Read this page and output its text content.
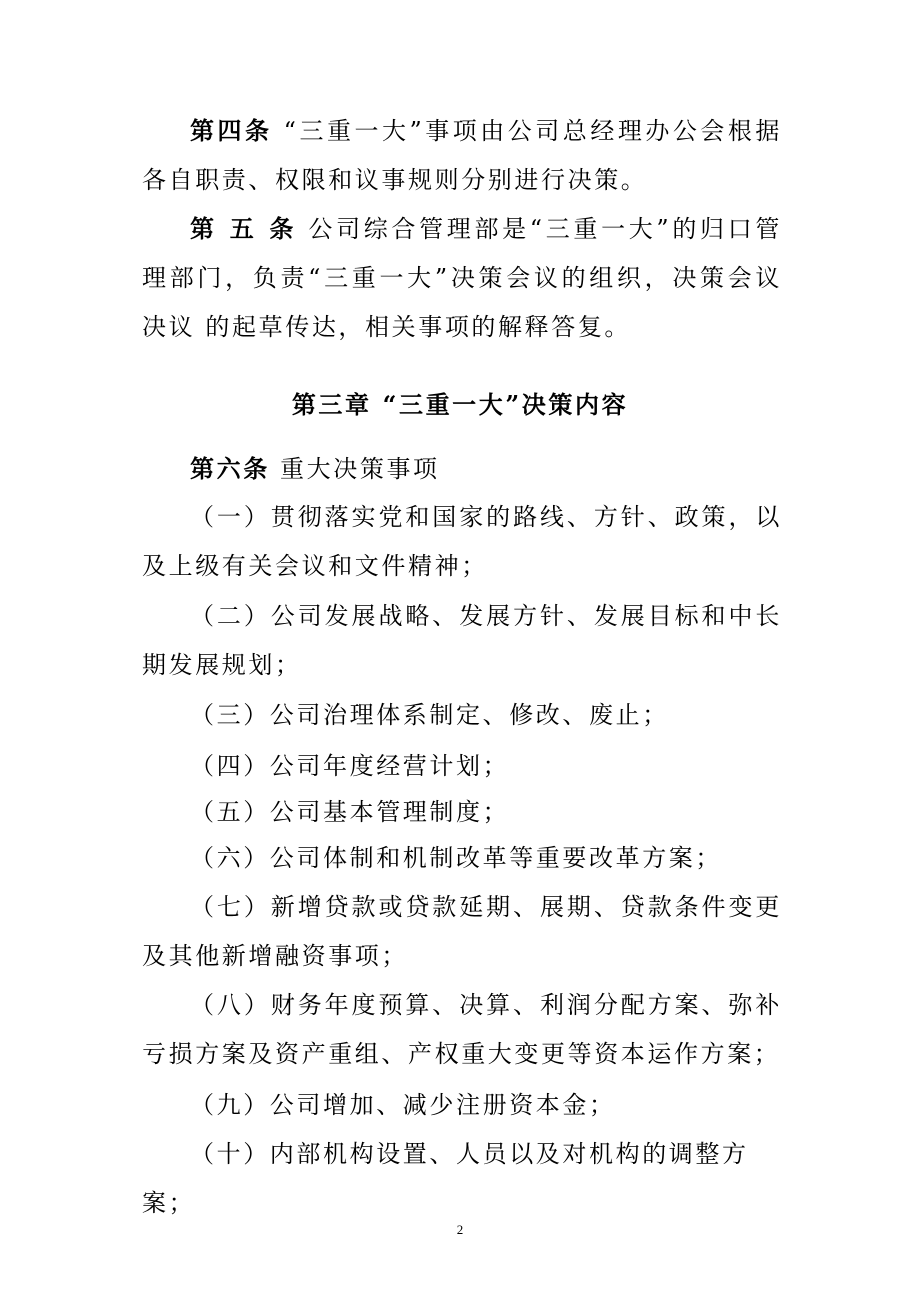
第四条 “三重一大”事项由公司总经理办公会根据各自职责、权限和议事规则分别进行决策。
第 五 条 公司综合管理部是“三重一大”的归口管理部门，负责“三重一大”决策会议的组织，决策会议决议 的起草传达，相关事项的解释答复。
第三章 “三重一大”决策内容
第六条 重大决策事项
（一）贯彻落实党和国家的路线、方针、政策，以及上级有关会议和文件精神；
（二）公司发展战略、发展方针、发展目标和中长 期发展规划；
（三）公司治理体系制定、修改、废止；
（四）公司年度经营计划；
（五）公司基本管理制度；
（六）公司体制和机制改革等重要改革方案；
（七）新增贷款或贷款延期、展期、贷款条件变更及其他新增融资事项；
（八）财务年度预算、决算、利润分配方案、弥补亏损方案及资产重组、产权重大变更等资本运作方案；
（九）公司增加、减少注册资本金；
（十）内部机构设置、人员以及对机构的调整方案；
2
